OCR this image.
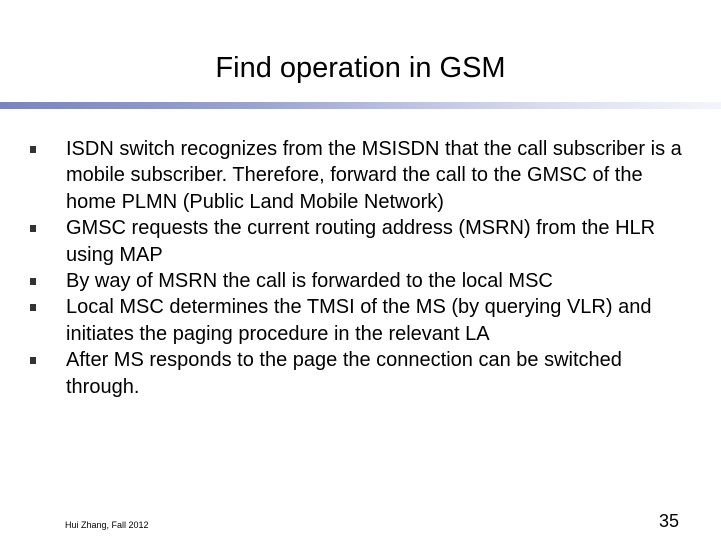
Find operation in GSM
ISDN switch recognizes from the MSISDN that the call subscriber is a mobile subscriber. Therefore, forward the call to the GMSC of the home PLMN (Public Land Mobile Network)
GMSC requests the current routing address (MSRN) from the HLR using MAP
By way of MSRN the call is forwarded to the local MSC
Local MSC determines the TMSI of the MS (by querying VLR) and initiates the paging procedure in the relevant LA
After MS responds to the page the connection can be switched through.
Hui Zhang, Fall 2012	35
